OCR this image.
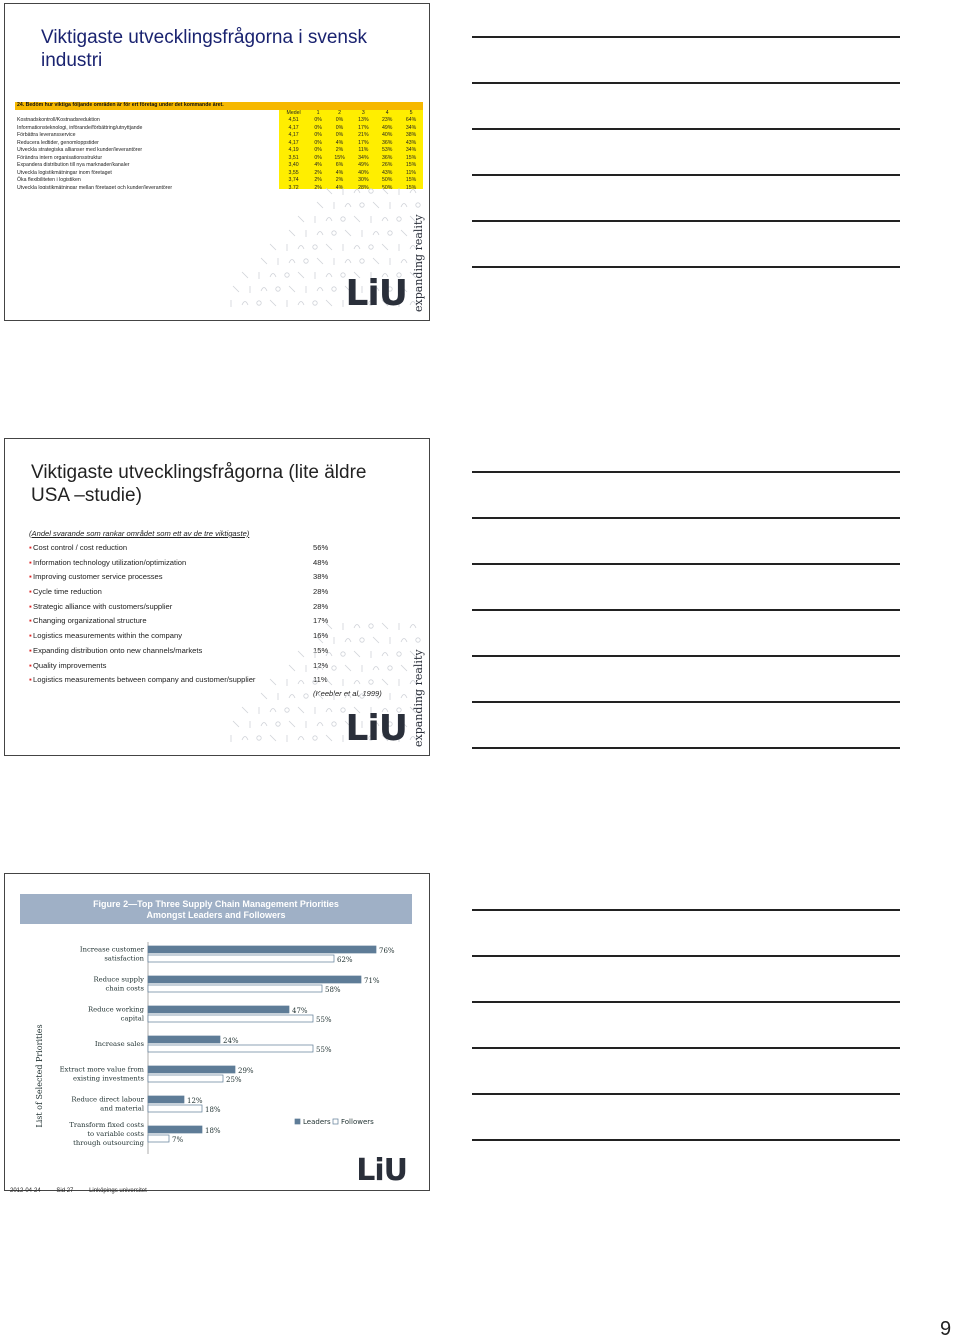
Viktigaste utvecklingsfrågorna i svensk industri
24. Bedöm hur viktiga följande områden är för ert företag under det kommande året.						
	Medel	1	2	3	4	5
Kostnadskontroll/Kostnadsreduktion	4,51	0%	0%	13%	23%	64%
Informationsteknologi, införande/förbättring/utnyttjande	4,17	0%	0%	17%	49%	34%
Förbättra leveransservice	4,17	0%	0%	21%	40%	38%
Reducera ledtider, genomloppstider	4,17	0%	4%	17%	36%	43%
Utveckla strategiska allianser med kunder/leverantörer	4,19	0%	2%	11%	53%	34%
Förändra intern organisationsstruktur	3,51	0%	15%	34%	36%	15%
Expandera distribution till nya marknader/kanaler	3,40	4%	6%	49%	26%	15%
Utveckla logistikmätningar inom företaget	3,55	2%	4%	40%	43%	11%
Öka flexibiliteten i logistiken	3,74	2%	2%	30%	50%	15%
Utveckla logistikmätningar mellan företaget och kunder/leverantörer	3,72	2%	4%	28%	50%	15%
LiU expanding reality
Viktigaste utvecklingsfrågorna (lite äldre USA –studie)
(Andel svarande som rankar området som ett av de tre viktigaste)
▪Cost control / cost reduction	56%
▪Information technology utilization/optimization	48%
▪Improving customer service processes	38%
▪Cycle time reduction	28%
▪Strategic alliance with customers/supplier	28%
▪Changing organizational structure	17%
▪Logistics measurements within the company	16%
▪Expanding distribution onto new channels/markets	15%
▪Quality improvements	12%
▪Logistics measurements between company and customer/supplier	11%
(Keebler et al, 1999)
LiU expanding reality
Figure 2—Top Three Supply Chain Management Priorities
Amongst Leaders and Followers
List of Selected Priorities
Increase customer
satisfaction
76%
62%
Reduce supply
chain costs
71%
58%
Reduce working
capital
47%
55%
Increase sales	24%
55%
Extract more value from
existing investments
29%
25%
Reduce direct labour
and material
12%
18%
Transform fixed costs
to variable costs
through outsourcing
18%
7%
Leaders Followers
LiU
2012-04-24	Sid 27	Linköpings universitet
9
